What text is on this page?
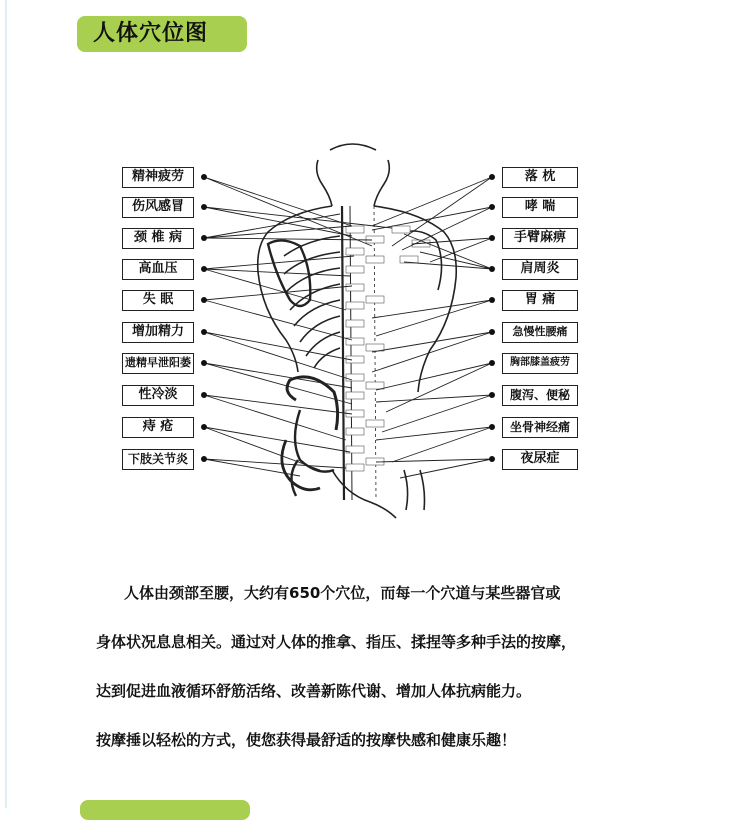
人体穴位图
精神疲劳
伤风感冒
颈 椎 病
高血压
失 眠
增加精力
遗精早泄阳萎
性冷淡
痔 疮
下肢关节炎
落 枕
哮 喘
手臂麻痹
肩周炎
胃 痛
急慢性腰痛
胸部膝盖疲劳
腹泻、便秘
坐骨神经痛
夜尿症
人体由颈部至腰，大约有650个穴位，而每一个穴道与某些器官或
身体状况息息相关。通过对人体的推拿、指压、揉捏等多种手法的按摩，
达到促进血液循环舒筋活络、改善新陈代谢、增加人体抗病能力。
按摩捶以轻松的方式，使您获得最舒适的按摩快感和健康乐趣！
